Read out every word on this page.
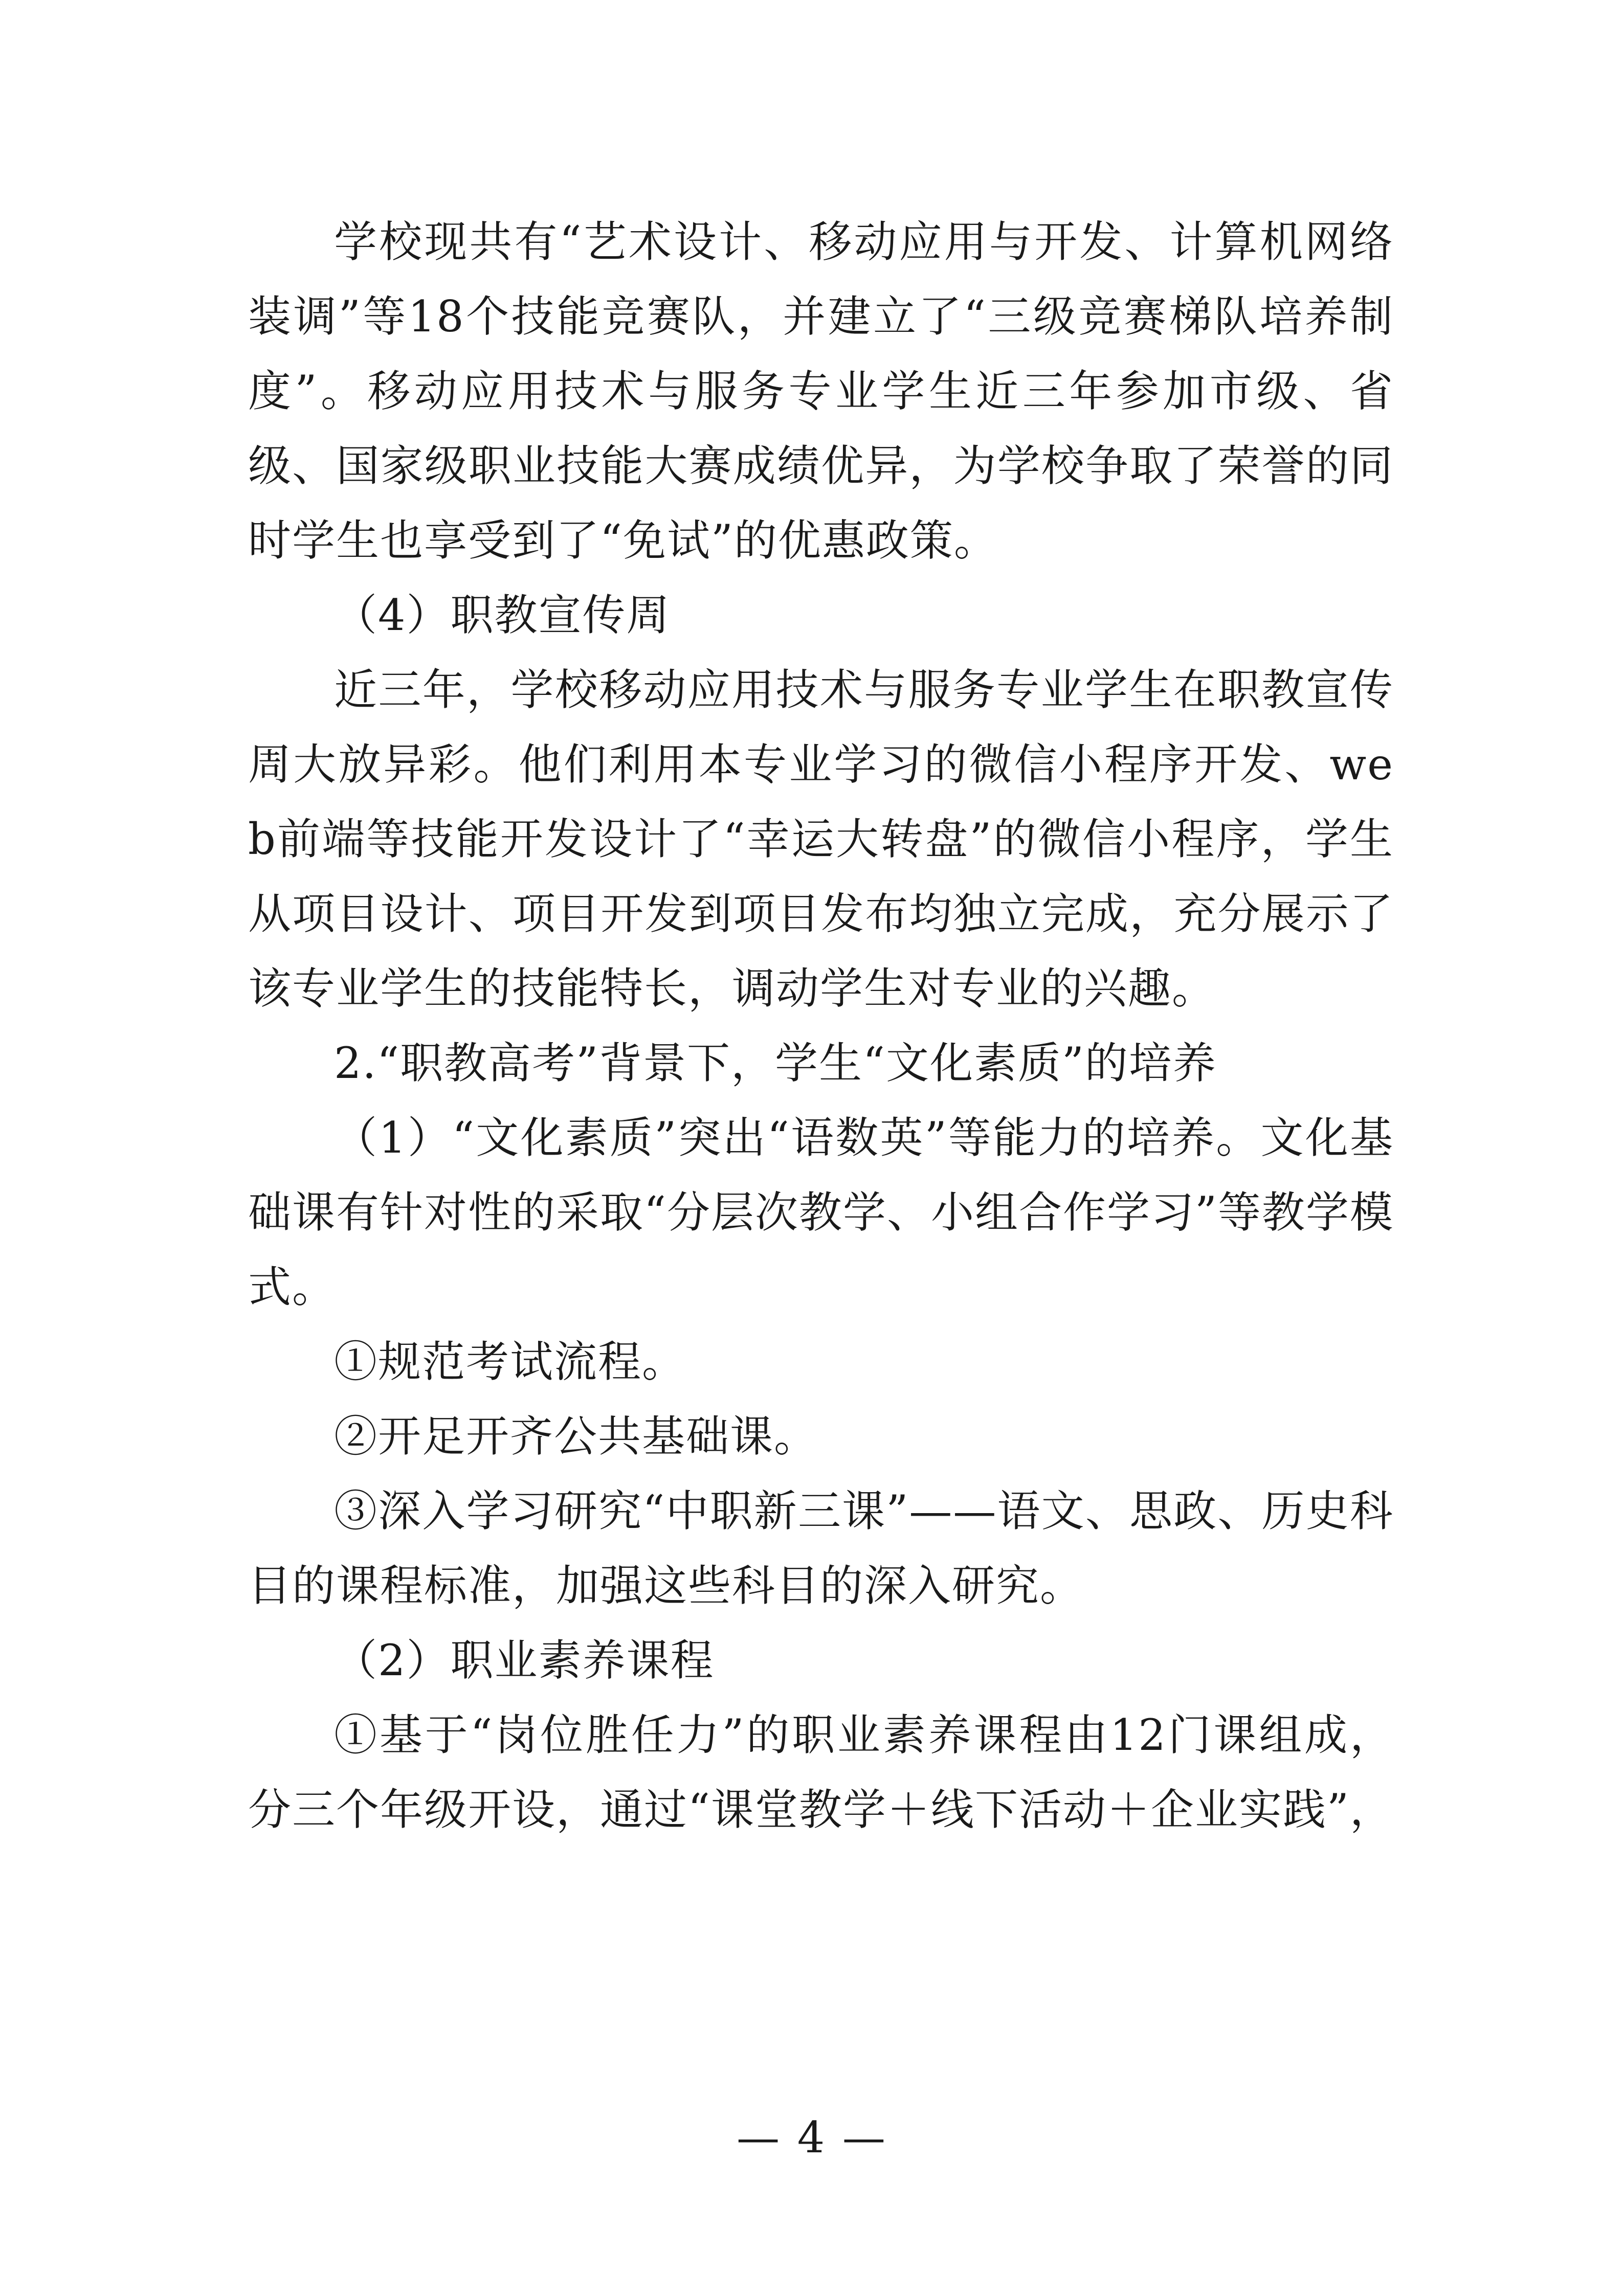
学校现共有“艺术设计、移动应用与开发、计算机网络装调”等18个技能竞赛队，并建立了“三级竞赛梯队培养制度”。移动应用技术与服务专业学生近三年参加市级、省级、国家级职业技能大赛成绩优异，为学校争取了荣誉的同时学生也享受到了“免试”的优惠政策。

（4）职教宣传周

近三年，学校移动应用技术与服务专业学生在职教宣传周大放异彩。他们利用本专业学习的微信小程序开发、web前端等技能开发设计了“幸运大转盘”的微信小程序，学生从项目设计、项目开发到项目发布均独立完成，充分展示了该专业学生的技能特长，调动学生对专业的兴趣。

2.“职教高考”背景下，学生“文化素质”的培养

（1）“文化素质”突出“语数英”等能力的培养。文化基础课有针对性的采取“分层次教学、小组合作学习”等教学模式。

①规范考试流程。

②开足开齐公共基础课。

③深入学习研究“中职新三课”——语文、思政、历史科目的课程标准，加强这些科目的深入研究。

（2）职业素养课程

①基于“岗位胜任力”的职业素养课程由12门课组成，分三个年级开设，通过“课堂教学＋线下活动＋企业实践”，

— 4 —
